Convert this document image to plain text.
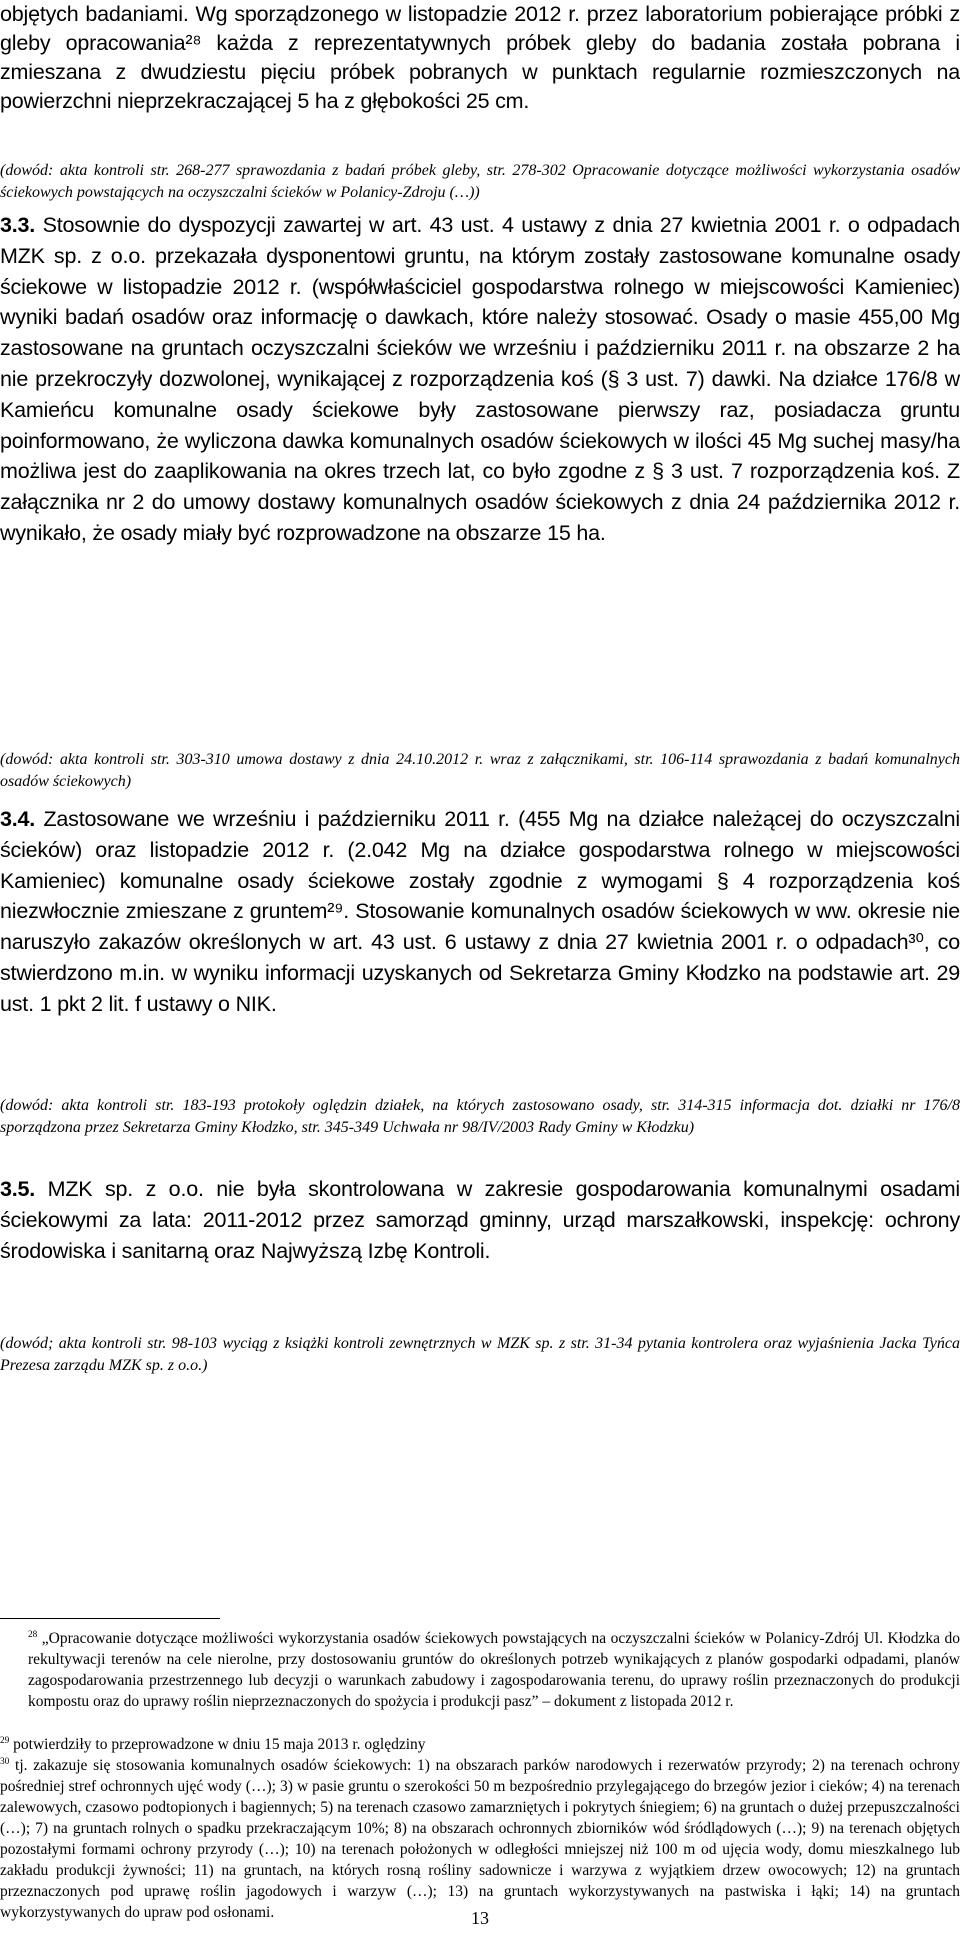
objętych badaniami. Wg sporządzonego w listopadzie 2012 r. przez laboratorium pobierające próbki z gleby opracowania²⁸ każda z reprezentatywnych próbek gleby do badania została pobrana i zmieszana z dwudziestu pięciu próbek pobranych w punktach regularnie rozmieszczonych na powierzchni nieprzekraczającej 5 ha z głębokości 25 cm.

(dowód: akta kontroli str. 268-277 sprawozdania z badań próbek gleby, str. 278-302 Opracowanie dotyczące możliwości wykorzystania osadów ściekowych powstających na oczyszczalni ścieków w Polanicy-Zdroju (…))

3.3. Stosownie do dyspozycji zawartej w art. 43 ust. 4 ustawy z dnia 27 kwietnia 2001 r. o odpadach MZK sp. z o.o. przekazała dysponentowi gruntu, na którym zostały zastosowane komunalne osady ściekowe w listopadzie 2012 r. (współwłaściciel gospodarstwa rolnego w miejscowości Kamieniec) wyniki badań osadów oraz informację o dawkach, które należy stosować. Osady o masie 455,00 Mg zastosowane na gruntach oczyszczalni ścieków we wrześniu i październiku 2011 r. na obszarze 2 ha nie przekroczyły dozwolonej, wynikającej z rozporządzenia koś (§ 3 ust. 7) dawki. Na działce 176/8 w Kamieńcu komunalne osady ściekowe były zastosowane pierwszy raz, posiadacza gruntu poinformowano, że wyliczona dawka komunalnych osadów ściekowych w ilości 45 Mg suchej masy/ha możliwa jest do zaaplikowania na okres trzech lat, co było zgodne z § 3 ust. 7 rozporządzenia koś. Z załącznika nr 2 do umowy dostawy komunalnych osadów ściekowych z dnia 24 października 2012 r. wynikało, że osady miały być rozprowadzone na obszarze 15 ha.

(dowód: akta kontroli str. 303-310 umowa dostawy z dnia 24.10.2012 r. wraz z załącznikami, str. 106-114 sprawozdania z badań komunalnych osadów ściekowych)

3.4. Zastosowane we wrześniu i październiku 2011 r. (455 Mg na działce należącej do oczyszczalni ścieków) oraz listopadzie 2012 r. (2.042 Mg na działce gospodarstwa rolnego w miejscowości Kamieniec) komunalne osady ściekowe zostały zgodnie z wymogami § 4 rozporządzenia koś niezwłocznie zmieszane z gruntem²⁹. Stosowanie komunalnych osadów ściekowych w ww. okresie nie naruszyło zakazów określonych w art. 43 ust. 6 ustawy z dnia 27 kwietnia 2001 r. o odpadach³⁰, co stwierdzono m.in. w wyniku informacji uzyskanych od Sekretarza Gminy Kłodzko na podstawie art. 29 ust. 1 pkt 2 lit. f ustawy o NIK.

(dowód: akta kontroli str. 183-193 protokoły oględzin działek, na których zastosowano osady, str. 314-315 informacja dot. działki nr 176/8 sporządzona przez Sekretarza Gminy Kłodzko, str. 345-349 Uchwała nr 98/IV/2003 Rady Gminy w Kłodzku)

3.5. MZK sp. z o.o. nie była skontrolowana w zakresie gospodarowania komunalnymi osadami ściekowymi za lata: 2011-2012 przez samorząd gminny, urząd marszałkowski, inspekcję: ochrony środowiska i sanitarną oraz Najwyższą Izbę Kontroli.

(dowód; akta kontroli str. 98-103 wyciąg z książki kontroli zewnętrznych w MZK sp. z str. 31-34 pytania kontrolera oraz wyjaśnienia Jacka Tyńca Prezesa zarządu MZK sp. z o.o.)

$^{28}$ „Opracowanie dotyczące możliwości wykorzystania osadów ściekowych powstających na oczyszczalni ścieków w Polanicy-Zdrój Ul. Kłodzka do rekultywacji terenów na cele nierolne, przy dostosowaniu gruntów do określonych potrzeb wynikających z planów gospodarki odpadami, planów zagospodarowania przestrzennego lub decyzji o warunkach zabudowy i zagospodarowania terenu, do uprawy roślin przeznaczonych do produkcji kompostu oraz do uprawy roślin nieprzeznaczonych do spożycia i produkcji pasz” – dokument z listopada 2012 r.
$^{29}$ potwierdziły to przeprowadzone w dniu 15 maja 2013 r. oględziny
$^{30}$ tj. zakazuje się stosowania komunalnych osadów ściekowych: 1) na obszarach parków narodowych i rezerwatów przyrody; 2) na terenach ochrony pośredniej stref ochronnych ujęć wody (…); 3) w pasie gruntu o szerokości 50 m bezpośrednio przylegającego do brzegów jezior i cieków; 4) na terenach zalewowych, czasowo podtopionych i bagiennych; 5) na terenach czasowo zamarzniętych i pokrytych śniegiem; 6) na gruntach o dużej przepuszczalności (…); 7) na gruntach rolnych o spadku przekraczającym 10%; 8) na obszarach ochronnych zbiorników wód śródlądowych (…); 9) na terenach objętych pozostałymi formami ochrony przyrody (…); 10) na terenach położonych w odległości mniejszej niż 100 m od ujęcia wody, domu mieszkalnego lub zakładu produkcji żywności; 11) na gruntach, na których rosną rośliny sadownicze i warzywa z wyjątkiem drzew owocowych; 12) na gruntach przeznaczonych pod uprawę roślin jagodowych i warzyw (…); 13) na gruntach wykorzystywanych na pastwiska i łąki; 14) na gruntach wykorzystywanych do upraw pod osłonami.	13
